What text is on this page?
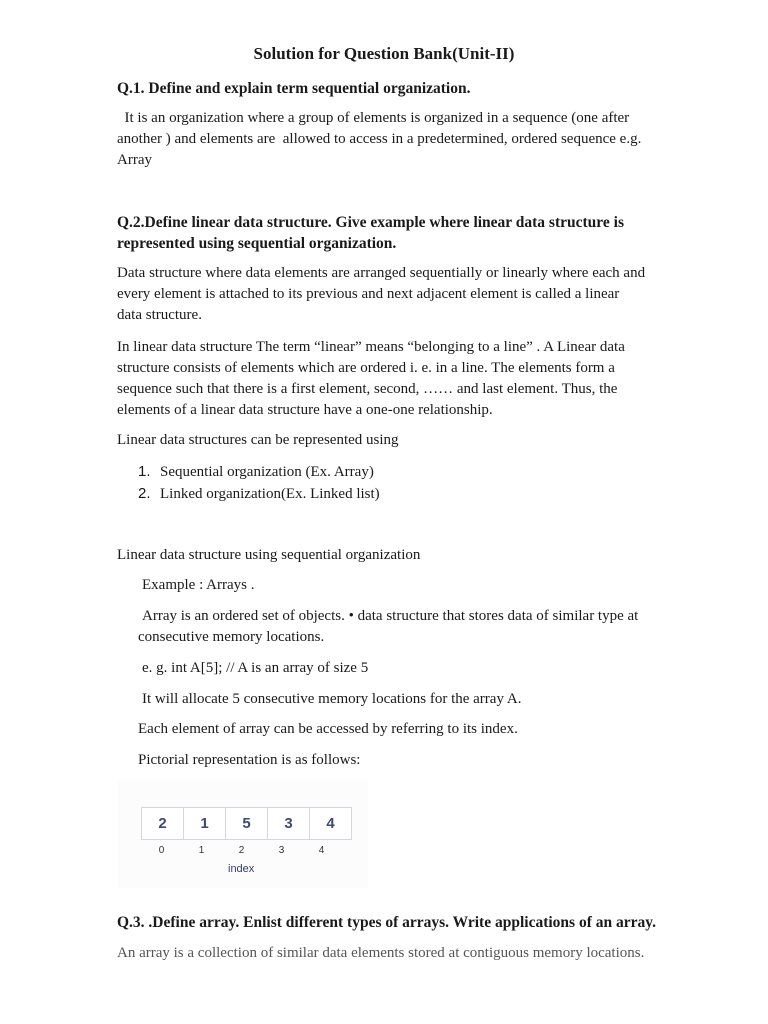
Solution for Question Bank(Unit-II)
Q.1. Define and explain term sequential organization.
It is an organization where a group of elements is organized in a sequence (one after
another ) and elements are  allowed to access in a predetermined, ordered sequence e.g.
Array
Q.2.Define linear data structure. Give example where linear data structure is
represented using sequential organization.
Data structure where data elements are arranged sequentially or linearly where each and
every element is attached to its previous and next adjacent element is called a linear
data structure.
In linear data structure The term “linear” means “belonging to a line” . A Linear data
structure consists of elements which are ordered i. e. in a line. The elements form a
sequence such that there is a first element, second, …… and last element. Thus, the
elements of a linear data structure have a one-one relationship.
Linear data structures can be represented using
1. Sequential organization (Ex. Array)
2. Linked organization(Ex. Linked list)
Linear data structure using sequential organization
Example : Arrays .
Array is an ordered set of objects. • data structure that stores data of similar type at
consecutive memory locations.
e. g. int A[5]; // A is an array of size 5
It will allocate 5 consecutive memory locations for the array A.
Each element of array can be accessed by referring to its index.
Pictorial representation is as follows:
2	1	5	3	4
0	1	2	3	4
index
Q.3. .Define array. Enlist different types of arrays. Write applications of an array.
An array is a collection of similar data elements stored at contiguous memory locations.
